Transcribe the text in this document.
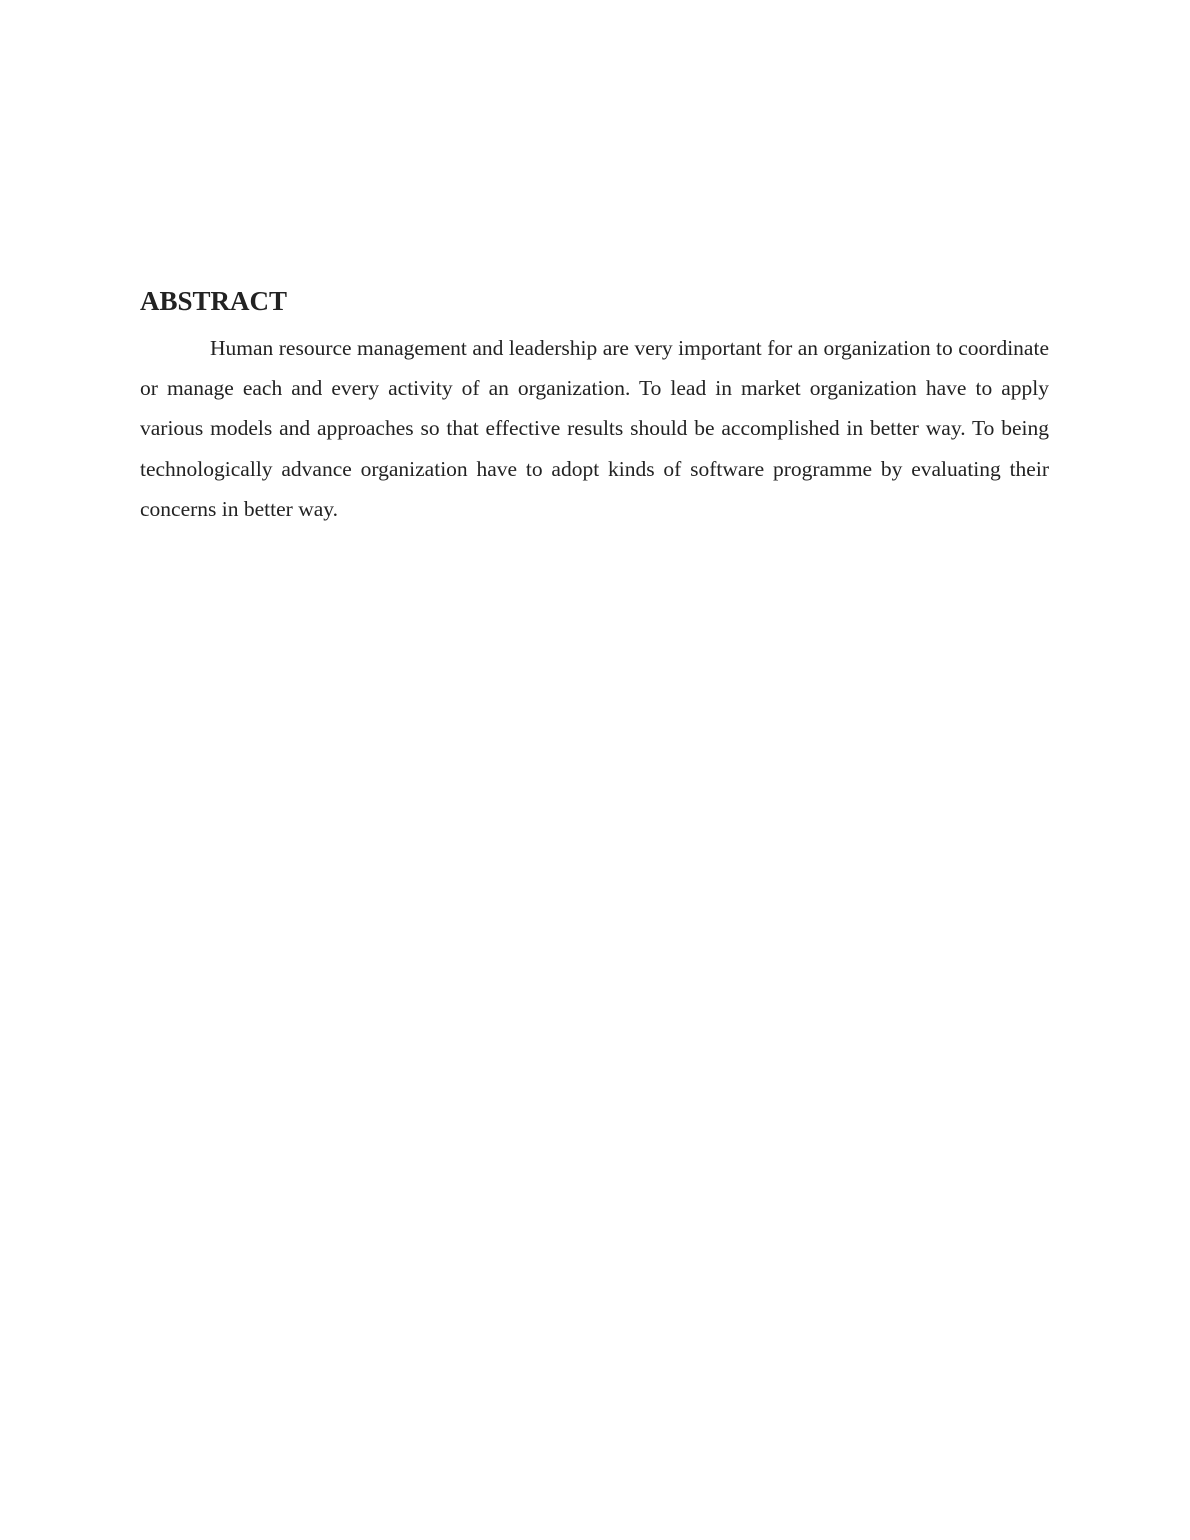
ABSTRACT

Human resource management and leadership are very important for an organization to coordinate or manage each and every activity of an organization. To lead in market organization have to apply various models and approaches so that effective results should be accomplished in better way. To being technologically advance organization have to adopt kinds of software programme by evaluating their concerns in better way.
